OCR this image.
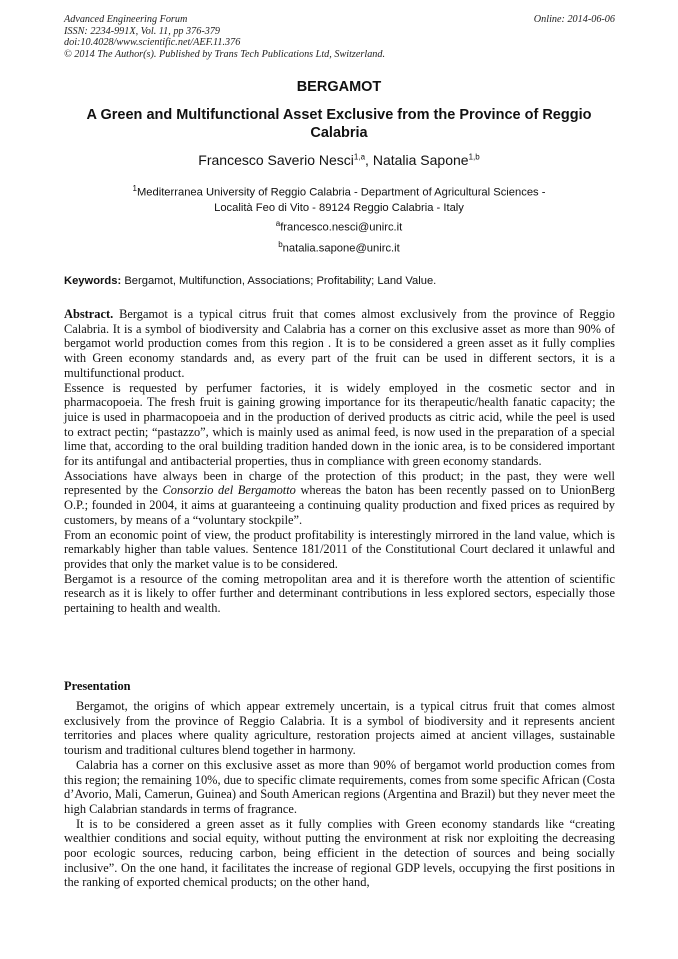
Advanced Engineering Forum
ISSN: 2234-991X, Vol. 11, pp 376-379
doi:10.4028/www.scientific.net/AEF.11.376
© 2014 The Author(s). Published by Trans Tech Publications Ltd, Switzerland.
Online: 2014-06-06
BERGAMOT
A Green and Multifunctional Asset Exclusive from the Province of Reggio Calabria
Francesco Saverio Nesci$^{1,a}$, Natalia Sapone$^{1,b}$
$^1$Mediterranea University of Reggio Calabria - Department of Agricultural Sciences -
Località Feo di Vito - 89124 Reggio Calabria - Italy
$^a$francesco.nesci@unirc.it
$^b$natalia.sapone@unirc.it
Keywords: Bergamot, Multifunction, Associations; Profitability; Land Value.

Abstract. Bergamot is a typical citrus fruit that comes almost exclusively from the province of Reggio Calabria. It is a symbol of biodiversity and Calabria has a corner on this exclusive asset as more than 90% of bergamot world production comes from this region . It is to be considered a green asset as it fully complies with Green economy standards and, as every part of the fruit can be used in different sectors, it is a multifunctional product.

Essence is requested by perfumer factories, it is widely employed in the cosmetic sector and in pharmacopoeia. The fresh fruit is gaining growing importance for its therapeutic/health fanatic capacity; the juice is used in pharmacopoeia and in the production of derived products as citric acid, while the peel is used to extract pectin; “pastazzo”, which is mainly used as animal feed, is now used in the preparation of a special lime that, according to the oral building tradition handed down in the ionic area, is to be considered important for its antifungal and antibacterial properties, thus in compliance with green economy standards.

Associations have always been in charge of the protection of this product; in the past, they were well represented by the Consorzio del Bergamotto whereas the baton has been recently passed on to UnionBerg O.P.; founded in 2004, it aims at guaranteeing a continuing quality production and fixed prices as required by customers, by means of a “voluntary stockpile”.

From an economic point of view, the product profitability is interestingly mirrored in the land value, which is remarkably higher than table values. Sentence 181/2011 of the Constitutional Court declared it unlawful and provides that only the market value is to be considered.

Bergamot is a resource of the coming metropolitan area and it is therefore worth the attention of scientific research as it is likely to offer further and determinant contributions in less explored sectors, especially those pertaining to health and wealth.

Presentation

Bergamot, the origins of which appear extremely uncertain, is a typical citrus fruit that comes almost exclusively from the province of Reggio Calabria. It is a symbol of biodiversity and it represents ancient territories and places where quality agriculture, restoration projects aimed at ancient villages, sustainable tourism and traditional cultures blend together in harmony.

Calabria has a corner on this exclusive asset as more than 90% of bergamot world production comes from this region; the remaining 10%, due to specific climate requirements, comes from some specific African (Costa d’Avorio, Mali, Camerun, Guinea) and South American regions (Argentina and Brazil) but they never meet the high Calabrian standards in terms of fragrance.

It is to be considered a green asset as it fully complies with Green economy standards like “creating wealthier conditions and social equity, without putting the environment at risk nor exploiting the decreasing poor ecologic sources, reducing carbon, being efficient in the detection of sources and being socially inclusive”. On the one hand, it facilitates the increase of regional GDP levels, occupying the first positions in the ranking of exported chemical products; on the other hand,
